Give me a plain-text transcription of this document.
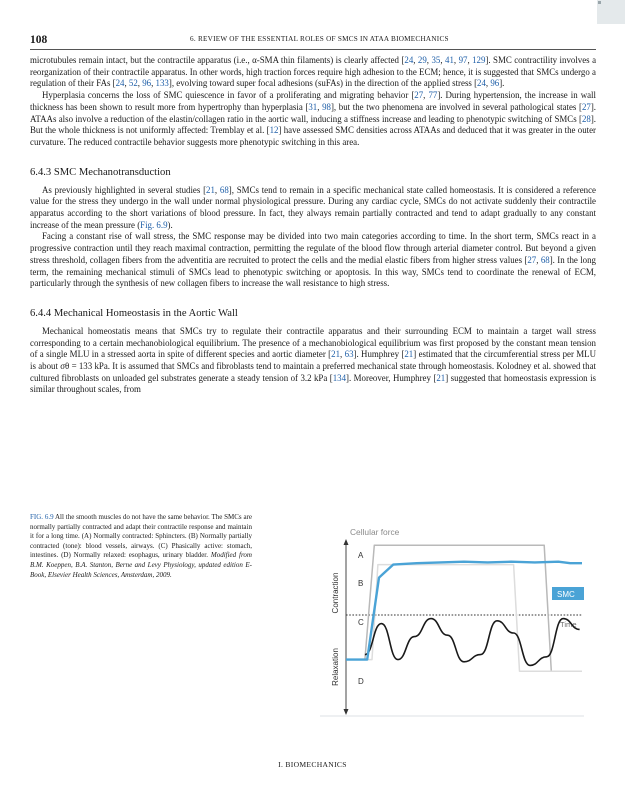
108	6. REVIEW OF THE ESSENTIAL ROLES OF SMCS IN ATAA BIOMECHANICS

microtubules remain intact, but the contractile apparatus (i.e., α-SMA thin filaments) is clearly affected [24, 29, 35, 41, 97, 129]. SMC contractility involves a reorganization of their contractile apparatus. In other words, high traction forces require high adhesion to the ECM; hence, it is suggested that SMCs undergo a regulation of their FAs [24, 52, 96, 133], evolving toward super focal adhesions (suFAs) in the direction of the applied stress [24, 96].

Hyperplasia concerns the loss of SMC quiescence in favor of a proliferating and migrating behavior [27, 77]. During hypertension, the increase in wall thickness has been shown to result more from hypertrophy than hyperplasia [31, 98], but the two phenomena are involved in several pathological states [27]. ATAAs also involve a reduction of the elastin/collagen ratio in the aortic wall, inducing a stiffness increase and leading to phenotypic switching of SMCs [28]. But the whole thickness is not uniformly affected: Tremblay et al. [12] have assessed SMC densities across ATAAs and deduced that it was greater in the outer curvature. The reduced contractile behavior suggests more phenotypic switching in this area.

6.4.3 SMC Mechanotransduction

As previously highlighted in several studies [21, 68], SMCs tend to remain in a specific mechanical state called homeostasis. It is considered a reference value for the stress they undergo in the wall under normal physiological pressure. During any cardiac cycle, SMCs do not activate suddenly their contractile apparatus according to the short variations of blood pressure. In fact, they always remain partially contracted and tend to adapt gradually to any constant increase of the mean pressure (Fig. 6.9).

Facing a constant rise of wall stress, the SMC response may be divided into two main categories according to time. In the short term, SMCs react in a progressive contraction until they reach maximal contraction, permitting the regulate of the blood flow through arterial diameter control. But beyond a given stress threshold, collagen fibers from the adventitia are recruited to protect the cells and the medial elastic fibers from higher stress values [27, 68]. In the long term, the remaining mechanical stimuli of SMCs lead to phenotypic switching or apoptosis. In this way, SMCs tend to coordinate the renewal of ECM, particularly through the synthesis of new collagen fibers to increase the wall resistance to high stress.

6.4.4 Mechanical Homeostasis in the Aortic Wall

Mechanical homeostatis means that SMCs try to regulate their contractile apparatus and their surrounding ECM to maintain a target wall stress corresponding to a certain mechanobiological equilibrium. The presence of a mechanobiological equilibrium was first proposed by the constant mean tension of a single MLU in a stressed aorta in spite of different species and aortic diameter [21, 63]. Humphrey [21] estimated that the circumferential stress per MLU is about σθ = 133 kPa. It is assumed that SMCs and fibroblasts tend to maintain a preferred mechanical state through homeostasis. Kolodney et al. showed that cultured fibroblasts on unloaded gel substrates generate a steady tension of 3.2 kPa [134]. Moreover, Humphrey [21] suggested that homeostasis expression is similar throughout scales, from

FIG. 6.9 All the smooth muscles do not have the same behavior. The SMCs are normally partially contracted and adapt their contractile response and maintain it for a long time. (A) Normally contracted: Sphincters. (B) Normally partially contracted (tone): blood vessels, airways. (C) Phasically active: stomach, intestines. (D) Normally relaxed: esophagus, urinary bladder. Modified from B.M. Koeppen, B.A. Stanton, Berne and Levy Physiology, updated edition E-Book, Elsevier Health Sciences, Amsterdam, 2009.
Cellular force
Contraction
Relaxation
Time
A
B
C
D
SMC
I. BIOMECHANICS
